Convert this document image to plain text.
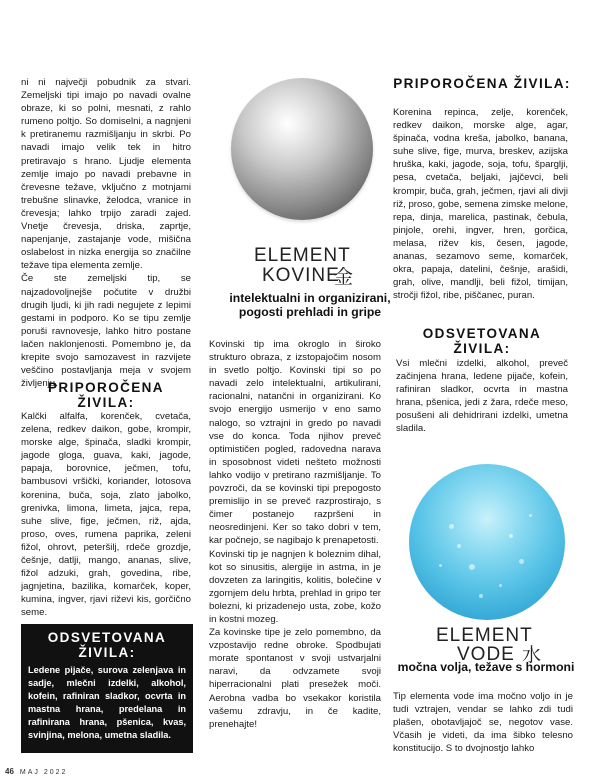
ni ni največji pobudnik za stvari. Zemeljski tipi imajo po navadi ovalne obraze, ki so polni, mesnati, z rahlo rumeno poltjo. So domiselni, a nagnjeni k pretiranemu razmišljanju in skrbi. Po navadi imajo velik tek in hitro pretiravajo s hrano. Ljudje elementa zemlje imajo po navadi prebavne in črevesne težave, vključno z motnjami trebušne slinavke, želodca, vranice in črevesja; lahko trpijo zaradi zajed. Vnetje črevesja, driska, zaprtje, napenjanje, zastajanje vode, mišična oslabelost in nizka energija so značilne težave tipa elementa zemlje.

Če ste zemeljski tip, se najzadovoljnejše počutite v družbi drugih ljudi, ki jih radi negujete z lepimi gestami in podporo. Ko se tipu zemlje poruši ravnovesje, lahko hitro postane lačen naklonjenosti. Pomembno je, da krepite svojo samozavest in razvijete veščino postavljanja meja v svojem življenju.

PRIPOROČENA ŽIVILA:

Kalčki alfalfa, korenček, cvetača, zelena, redkev daikon, gobe, krompir, morske alge, špinača, sladki krompir, jagode gloga, guava, kaki, jagode, papaja, borovnice, ječmen, tofu, bambusovi vršički, koriander, lotosova korenina, buča, soja, zlato jabolko, grenivka, limona, limeta, jajca, repa, suhe slive, fige, ječmen, riž, ajda, proso, oves, rumena paprika, zeleni fižol, ohrovt, peteršilj, rdeče grozdje, češnje, datlji, mango, ananas, slive, fižol adzuki, grah, govedina, ribe, jagnjetina, bazilika, komarček, koper, kumina, ingver, rjavi riževi kis, gorčično seme.

ODSVETOVANA ŽIVILA:
Ledene pijače, surova zelenjava in sadje, mlečni izdelki, alkohol, kofein, rafiniran sladkor, ocvrta in mastna hrana, predelana in rafinirana hrana, pšenica, kvas, svinjina, melona, umetna sladila.
ELEMENT
KOVINE
金
intelektualni in organizirani, pogosti prehladi in gripe

Kovinski tip ima okroglo in široko strukturo obraza, z izstopajočim nosom in svetlo poltjo. Kovinski tipi so po navadi zelo intelektualni, artikulirani, racionalni, natančni in organizirani. Ko svojo energijo usmerijo v eno samo nalogo, so vztrajni in gredo po navadi vse do konca. Toda njihov preveč optimističen pogled, radovedna narava in sposobnost videti nešteto možnosti lahko vodijo v pretirano razmišljanje. To povzroči, da se kovinski tipi prepogosto premislijo in se preveč razprostirajo, s čimer postanejo razpršeni in neosredinjeni. Ker so tako dobri v tem, kar počnejo, se nagibajo k prenapetosti.

Kovinski tip je nagnjen k boleznim dihal, kot so sinusitis, alergije in astma, in je dovzeten za laringitis, kolitis, bolečine v zgornjem delu hrbta, prehlad in gripo ter bolezni, ki prizadenejo usta, zobe, kožo in kostni mozeg.

Za kovinske tipe je zelo pomembno, da vzpostavijo redne obroke. Spodbujati morate spontanost v svoji ustvarjalni naravi, da odvzamete svoji hiperracionalni plati presežek moči. Aerobna vadba bo vsekakor koristila vašemu zdravju, in če kadite, prenehajte!

PRIPOROČENA ŽIVILA:

Korenina repinca, zelje, korenček, redkev daikon, morske alge, agar, špinača, vodna kreša, jabolko, banana, suhe slive, fige, murva, breskev, azijska hruška, kaki, jagode, soja, tofu, šparglji, pesa, cvetača, beljaki, jajčevci, beli krompir, buča, grah, ječmen, rjavi ali divji riž, proso, gobe, semena zimske melone, repa, dinja, marelica, pastinak, čebula, pinjole, orehi, ingver, hren, gorčica, melasa, rižev kis, česen, jagode, ananas, sezamovo seme, komarček, okra, papaja, datelini, češnje, arašidi, grah, olive, mandlji, beli fižol, timijan, stročji fižol, ribe, piščanec, puran.

ODSVETOVANA ŽIVILA:

Vsi mlečni izdelki, alkohol, preveč začinjena hrana, ledene pijače, kofein, rafiniran sladkor, ocvrta in mastna hrana, pšenica, jedi z žara, rdeče meso, posušeni ali dehidrirani izdelki, umetna sladila.

ELEMENT
VODE 水
močna volja, težave s hormoni

Tip elementa vode ima močno voljo in je tudi vztrajen, vendar se lahko zdi tudi plašen, obotavljajoč se, negotov vase. Včasih je videti, da ima šibko telesno konstitucijo. S to dvojnostjo lahko

46 MAJ 2022
